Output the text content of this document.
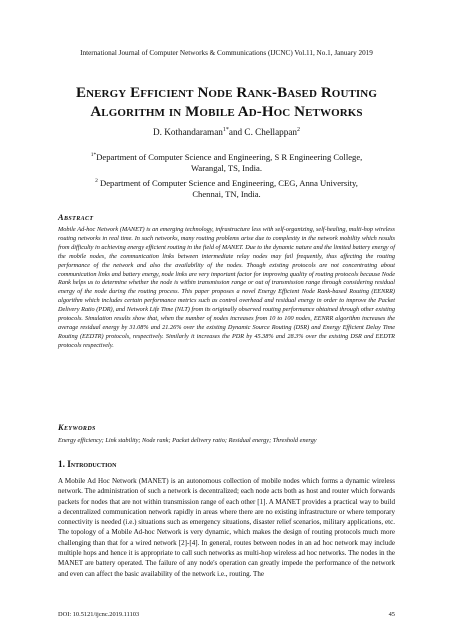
International Journal of Computer Networks & Communications (IJCNC) Vol.11, No.1, January 2019
Energy Efficient Node Rank-Based Routing
Algorithm in Mobile Ad-Hoc Networks
D. Kothandaraman$^{1*}$and C. Chellappan$^2$
$^{1*}$Department of Computer Science and Engineering, S R Engineering College,
Warangal, TS, India.
$^2$ Department of Computer Science and Engineering, CEG, Anna University,
Chennai, TN, India.
Abstract
Mobile Ad-hoc Network (MANET) is an emerging technology, infrastructure less with self-organizing, self-healing, multi-hop wireless routing networks in real time. In such networks, many routing problems arise due to complexity in the network mobility which results from difficulty in achieving energy efficient routing in the field of MANET. Due to the dynamic nature and the limited battery energy of the mobile nodes, the communication links between intermediate relay nodes may fail frequently, thus affecting the routing performance of the network and also the availability of the nodes. Though existing protocols are not concentrating about communication links and battery energy, node links are very important factor for improving quality of routing protocols because Node Rank helps us to determine whether the node is within transmission range or out of transmission range through considering residual energy of the node during the routing process. This paper proposes a novel Energy Efficient Node Rank-based Routing (EENRR) algorithm which includes certain performance metrics such as control overhead and residual energy in order to improve the Packet Delivery Ratio (PDR), and Network Life Time (NLT) from its originally observed routing performance obtained through other existing protocols. Simulation results show that, when the number of nodes increases from 10 to 100 nodes, EENRR algorithm increases the average residual energy by 31.08% and 21.26% over the existing Dynamic Source Routing (DSR) and Energy Efficient Delay Time Routing (EEDTR) protocols, respectively. Similarly it increases the PDR by 45.38% and 28.3% over the existing DSR and EEDTR protocols respectively.
Keywords
Energy efficiency; Link stability; Node rank; Packet delivery ratio; Residual energy; Threshold energy
1. Introduction
A Mobile Ad Hoc Network (MANET) is an autonomous collection of mobile nodes which forms a dynamic wireless network. The administration of such a network is decentralized; each node acts both as host and router which forwards packets for nodes that are not within transmission range of each other [1]. A MANET provides a practical way to build a decentralized communication network rapidly in areas where there are no existing infrastructure or where temporary connectivity is needed (i.e.) situations such as emergency situations, disaster relief scenarios, military applications, etc. The topology of a Mobile Ad-hoc Network is very dynamic, which makes the design of routing protocols much more challenging than that for a wired network [2]-[4]. In general, routes between nodes in an ad hoc network may include multiple hops and hence it is appropriate to call such networks as multi-hop wireless ad hoc networks. The nodes in the MANET are battery operated. The failure of any node's operation can greatly impede the performance of the network and even can affect the basic availability of the network i.e., routing. The
DOI: 10.5121/ijcnc.2019.11103	45
